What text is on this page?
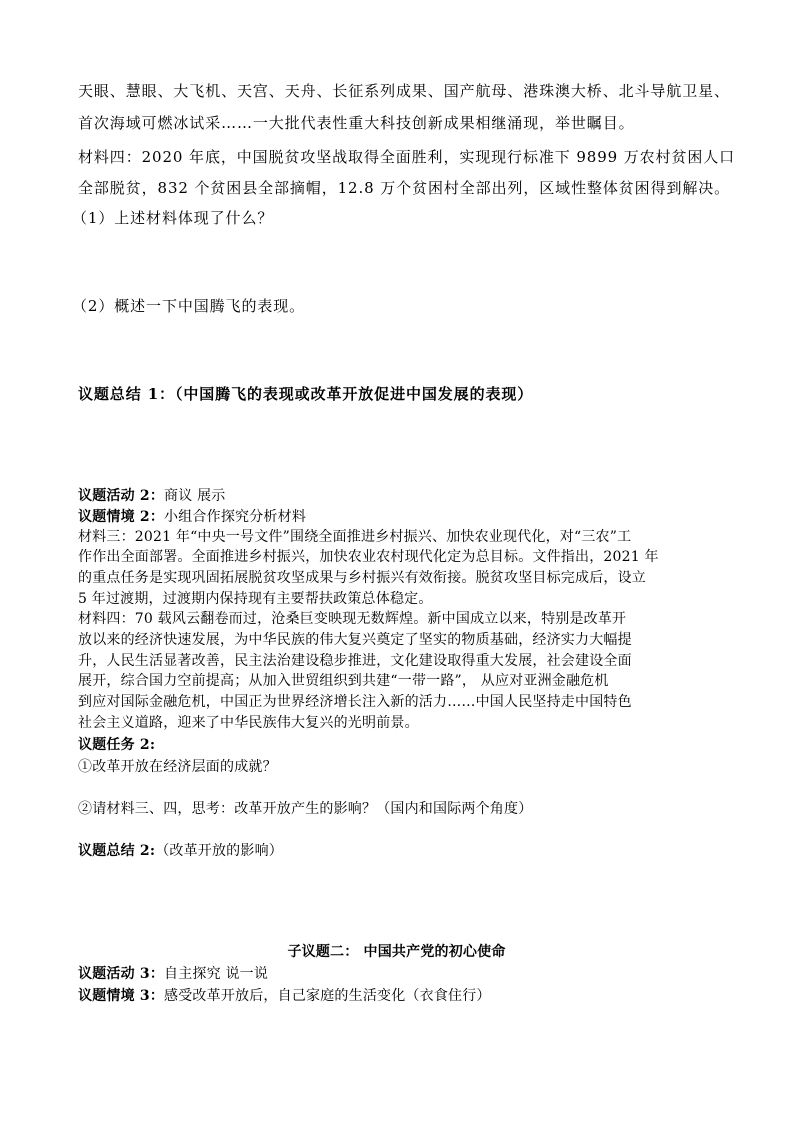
天眼、慧眼、大飞机、天宫、天舟、长征系列成果、国产航母、港珠澳大桥、北斗导航卫星、
首次海域可燃冰试采……一大批代表性重大科技创新成果相继涌现，举世瞩目。
材料四：2020 年底，中国脱贫攻坚战取得全面胜利，实现现行标准下 9899 万农村贫困人口
全部脱贫，832 个贫困县全部摘帽，12.8 万个贫困村全部出列，区域性整体贫困得到解决。
（1）上述材料体现了什么？
（2）概述一下中国腾飞的表现。
议题总结 1：（中国腾飞的表现或改革开放促进中国发展的表现）
议题活动 2：商议 展示
议题情境 2：小组合作探究分析材料
材料三：2021 年“中央一号文件”围绕全面推进乡村振兴、加快农业现代化，对“三农”工
作作出全面部署。全面推进乡村振兴，加快农业农村现代化定为总目标。文件指出，2021 年
的重点任务是实现巩固拓展脱贫攻坚成果与乡村振兴有效衔接。脱贫攻坚目标完成后，设立
5 年过渡期，过渡期内保持现有主要帮扶政策总体稳定。
材料四：70 载风云翻卷而过，沧桑巨变映现无数辉煌。新中国成立以来，特别是改革开
放以来的经济快速发展，为中华民族的伟大复兴奠定了坚实的物质基础，经济实力大幅提
升，人民生活显著改善，民主法治建设稳步推进，文化建设取得重大发展，社会建设全面
展开，综合国力空前提高；从加入世贸组织到共建“一带一路”， 从应对亚洲金融危机
到应对国际金融危机，中国正为世界经济增长注入新的活力……中国人民坚持走中国特色
社会主义道路，迎来了中华民族伟大复兴的光明前景。
议题任务 2:
①改革开放在经济层面的成就？
②请材料三、四，思考：改革开放产生的影响？（国内和国际两个角度）
议题总结 2:（改革开放的影响）
子议题二： 中国共产党的初心使命
议题活动 3：自主探究 说一说
议题情境 3：感受改革开放后，自己家庭的生活变化（衣食住行）
